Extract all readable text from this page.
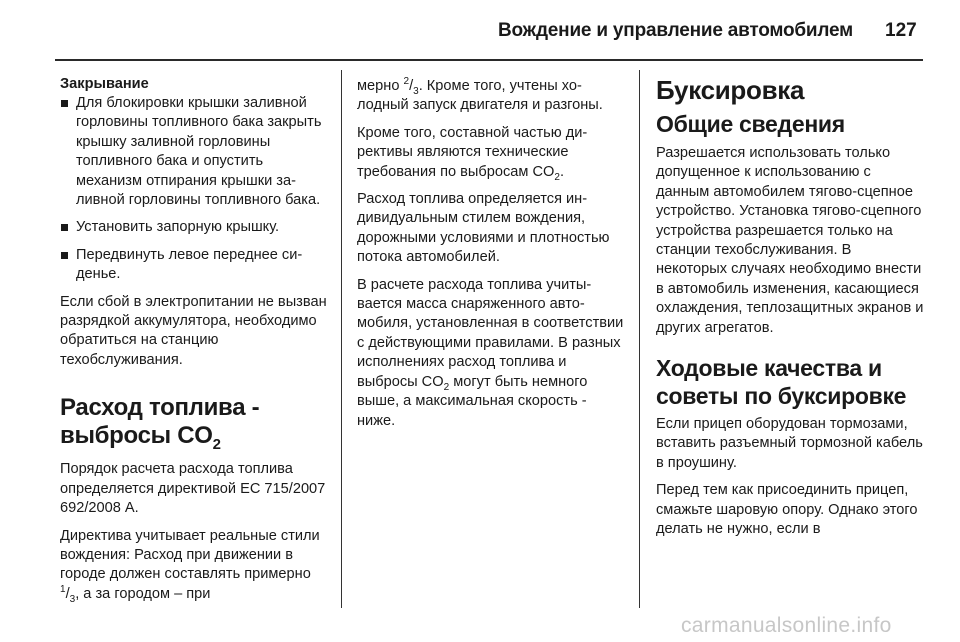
Вождение и управление автомобилем 127
Закрывание
Для блокировки крышки заливной горловины топливного бака закрыть крышку заливной горловины топливного бака и опустить механизм отпирания крышки заливной горловины топливного бака.
Установить запорную крышку.
Передвинуть левое переднее сиденье.

Если сбой в электропитании не вызван разрядкой аккумулятора, необходимо обратиться на станцию техобслуживания.

Расход топлива -
выбросы $CO_2$

Порядок расчета расхода топлива определяется директивой ЕС 715/2007 692/2008 A.

Директива учитывает реальные стили вождения: Расход при движении в городе должен составлять примерно $^1/_3$, а за городом – при

мерно $^2/_3$. Кроме того, учтены холодный запуск двигателя и разгоны.

Кроме того, составной частью директивы являются технические требования по выбросам $CO_2$.

Расход топлива определяется индивидуальным стилем вождения, дорожными условиями и плотностью потока автомобилей.

В расчете расхода топлива учитывается масса снаряженного автомобиля, установленная в соответствии с действующими правилами. В разных исполнениях расход топлива и выбросы $CO_2$ могут быть немного выше, а максимальная скорость - ниже.

Буксировка
Общие сведения

Разрешается использовать только допущенное к использованию с данным автомобилем тягово-сцепное устройство. Установка тягово-сцепного устройства разрешается только на станции техобслуживания. В некоторых случаях необходимо внести в автомобиль изменения, касающиеся охлаждения, теплозащитных экранов и других агрегатов.

Ходовые качества и советы по буксировке

Если прицеп оборудован тормозами, вставить разъемный тормозной кабель в проушину.

Перед тем как присоединить прицеп, смажьте шаровую опору. Однако этого делать не нужно, если в

carmanualsonline.info
